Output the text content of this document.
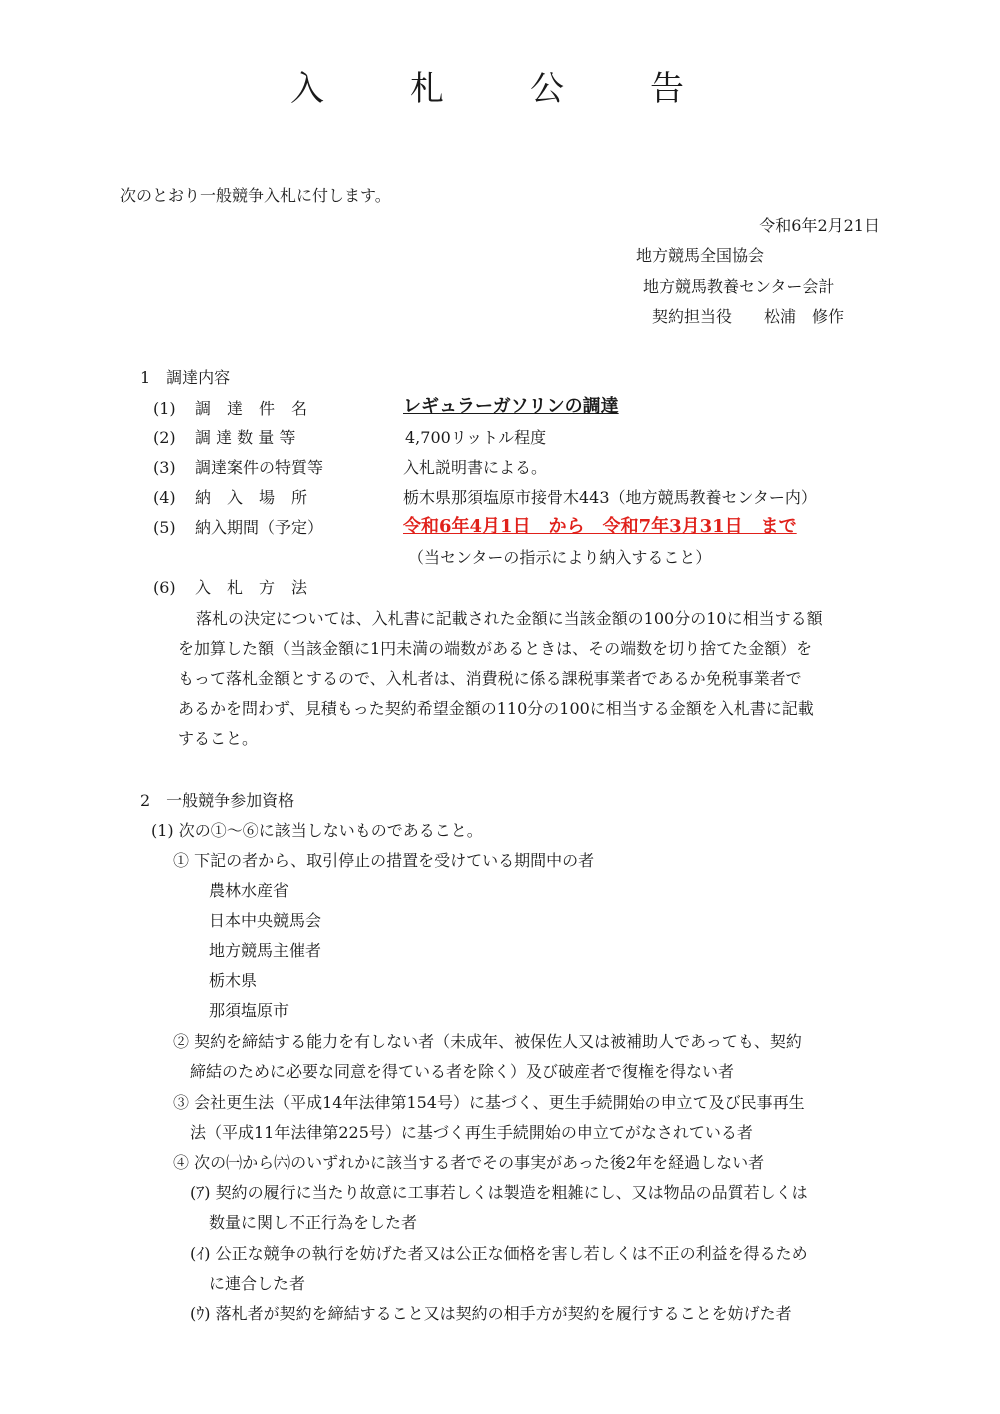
入　札　公　告
次のとおり一般競争入札に付します。
令和6年2月21日
地方競馬全国協会
地方競馬教養センター会計
契約担当役　　松浦　修作
1　調達内容
(1) 調　達　件　名	レギュラーガソリンの調達
(2) 調 達 数 量 等	4,700リットル程度
(3) 調達案件の特質等	入札説明書による。
(4) 納　入　場　所	栃木県那須塩原市接骨木443（地方競馬教養センター内）
(5) 納入期間（予定）	令和6年4月1日　から　令和7年3月31日　まで
（当センターの指示により納入すること）
(6) 入　札　方　法
落札の決定については、入札書に記載された金額に当該金額の100分の10に相当する額
を加算した額（当該金額に1円未満の端数があるときは、その端数を切り捨てた金額）を
もって落札金額とするので、入札者は、消費税に係る課税事業者であるか免税事業者で
あるかを問わず、見積もった契約希望金額の110分の100に相当する金額を入札書に記載
すること。
2　一般競争参加資格
(1) 次の①～⑥に該当しないものであること。
① 下記の者から、取引停止の措置を受けている期間中の者
農林水産省
日本中央競馬会
地方競馬主催者
栃木県
那須塩原市
② 契約を締結する能力を有しない者（未成年、被保佐人又は被補助人であっても、契約
締結のために必要な同意を得ている者を除く）及び破産者で復権を得ない者
③ 会社更生法（平成14年法律第154号）に基づく、更生手続開始の申立て及び民事再生
法（平成11年法律第225号）に基づく再生手続開始の申立てがなされている者
④ 次の㈠から㈥のいずれかに該当する者でその事実があった後2年を経過しない者
(ｱ) 契約の履行に当たり故意に工事若しくは製造を粗雑にし、又は物品の品質若しくは
数量に関し不正行為をした者
(ｲ) 公正な競争の執行を妨げた者又は公正な価格を害し若しくは不正の利益を得るため
に連合した者
(ｳ) 落札者が契約を締結すること又は契約の相手方が契約を履行することを妨げた者
